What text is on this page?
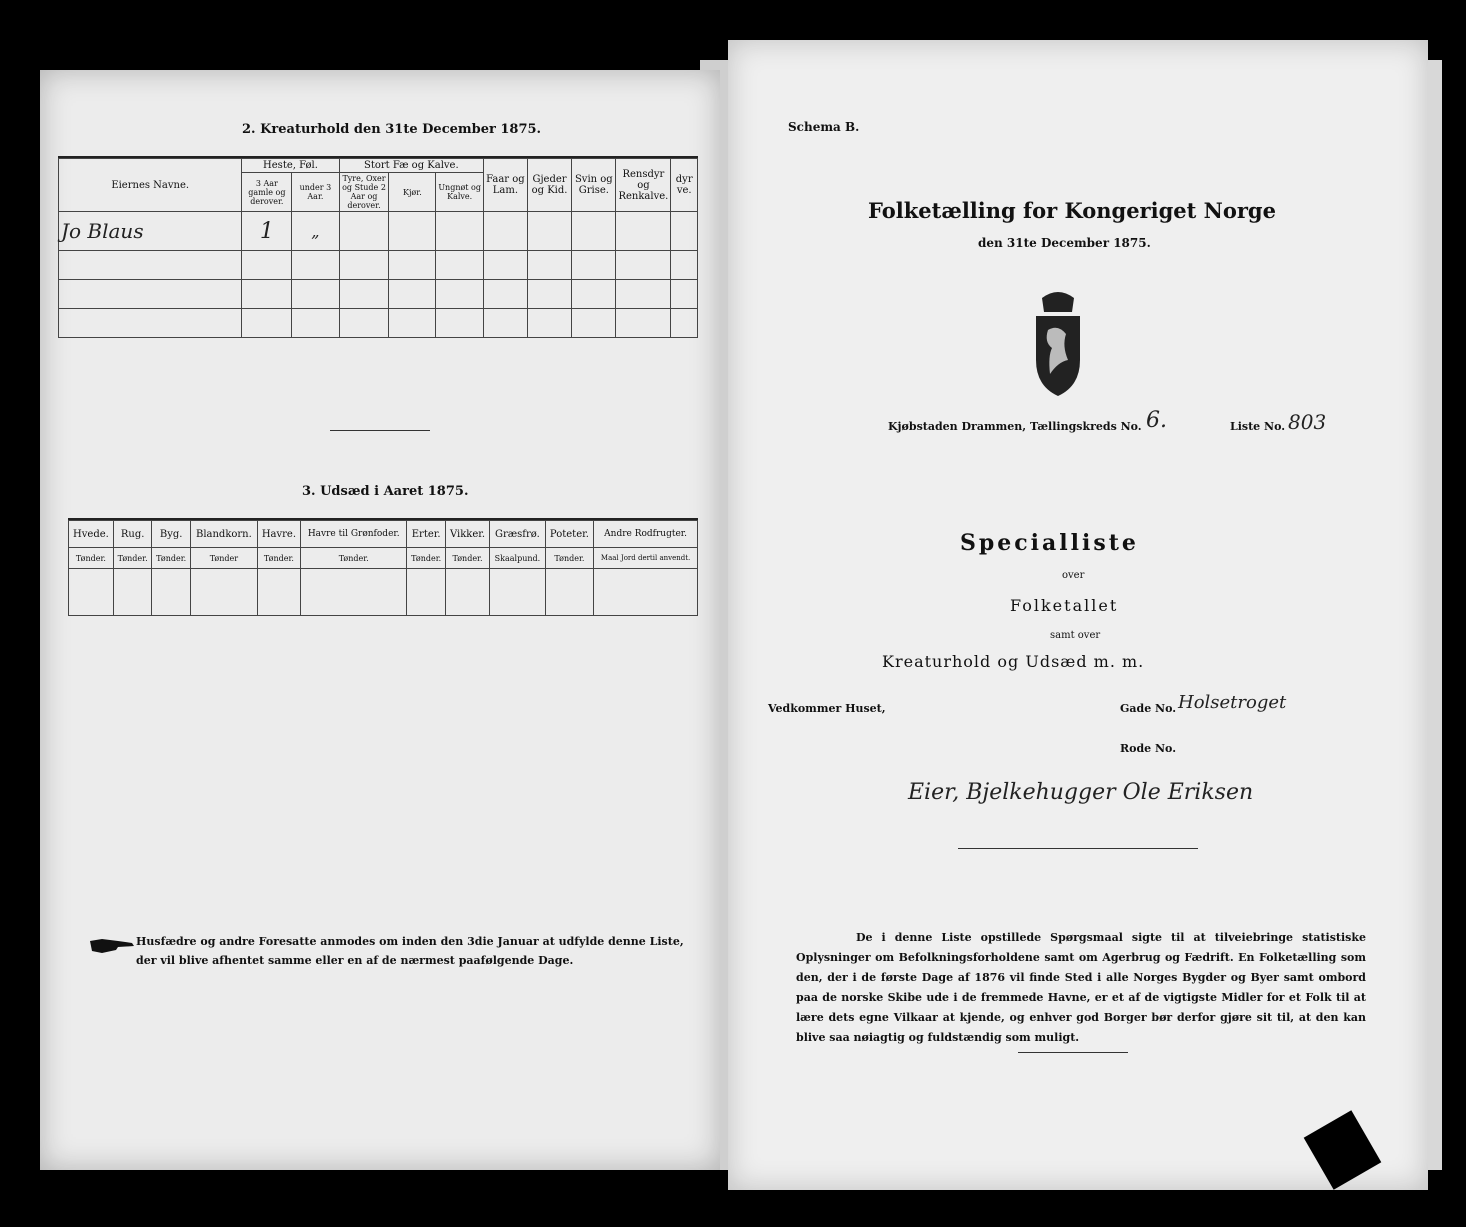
2. Kreaturhold den 31te December 1875.
Eiernes Navne.	Heste, Føl.		Stort Fæ og Kalve.			Faar og Lam.	Gjeder og Kid.	Svin og Grise.	Rensdyr og Renkalve.	dyr ve.
	3 Aar gamle og derover.	under 3 Aar.	Tyre, Oxer og Stude 2 Aar og derover.	Kjør.	Ungnøt og Kalve.					
Jo Blaus	1	„								

3. Udsæd i Aaret 1875.
Hvede.	Rug.	Byg.	Blandkorn.	Havre.	Havre til Grønfoder.	Erter.	Vikker.	Græsfrø.	Poteter.	Andre Rodfrugter.
Tønder.	Tønder.	Tønder.	Tønder	Tønder.	Tønder.	Tønder.	Tønder.	Skaalpund.	Tønder.	Maal Jord dertil anvendt.

Husfædre og andre Foresatte anmodes om inden den 3die Januar at udfylde denne Liste, der vil blive afhentet samme eller en af de nærmest paafølgende Dage.
Schema B.
Folketælling for Kongeriget Norge
den 31te December 1875.
Kjøbstaden Drammen, Tællingskreds No. 6.	Liste No. 803
Specialliste
over
Folketallet
samt over
Kreaturhold og Udsæd m. m.
Vedkommer Huset,	Gade No. Holsetroget
Rode No.
Eier, Bjelkehugger Ole Eriksen
De i denne Liste opstillede Spørgsmaal sigte til at tilveiebringe statistiske Oplysninger om Befolkningsforholdene samt om Agerbrug og Fædrift. En Folketælling som den, der i de første Dage af 1876 vil finde Sted i alle Norges Bygder og Byer samt ombord paa de norske Skibe ude i de fremmede Havne, er et af de vigtigste Midler for et Folk til at lære dets egne Vilkaar at kjende, og enhver god Borger bør derfor gjøre sit til, at den kan blive saa nøiagtig og fuldstændig som muligt.
